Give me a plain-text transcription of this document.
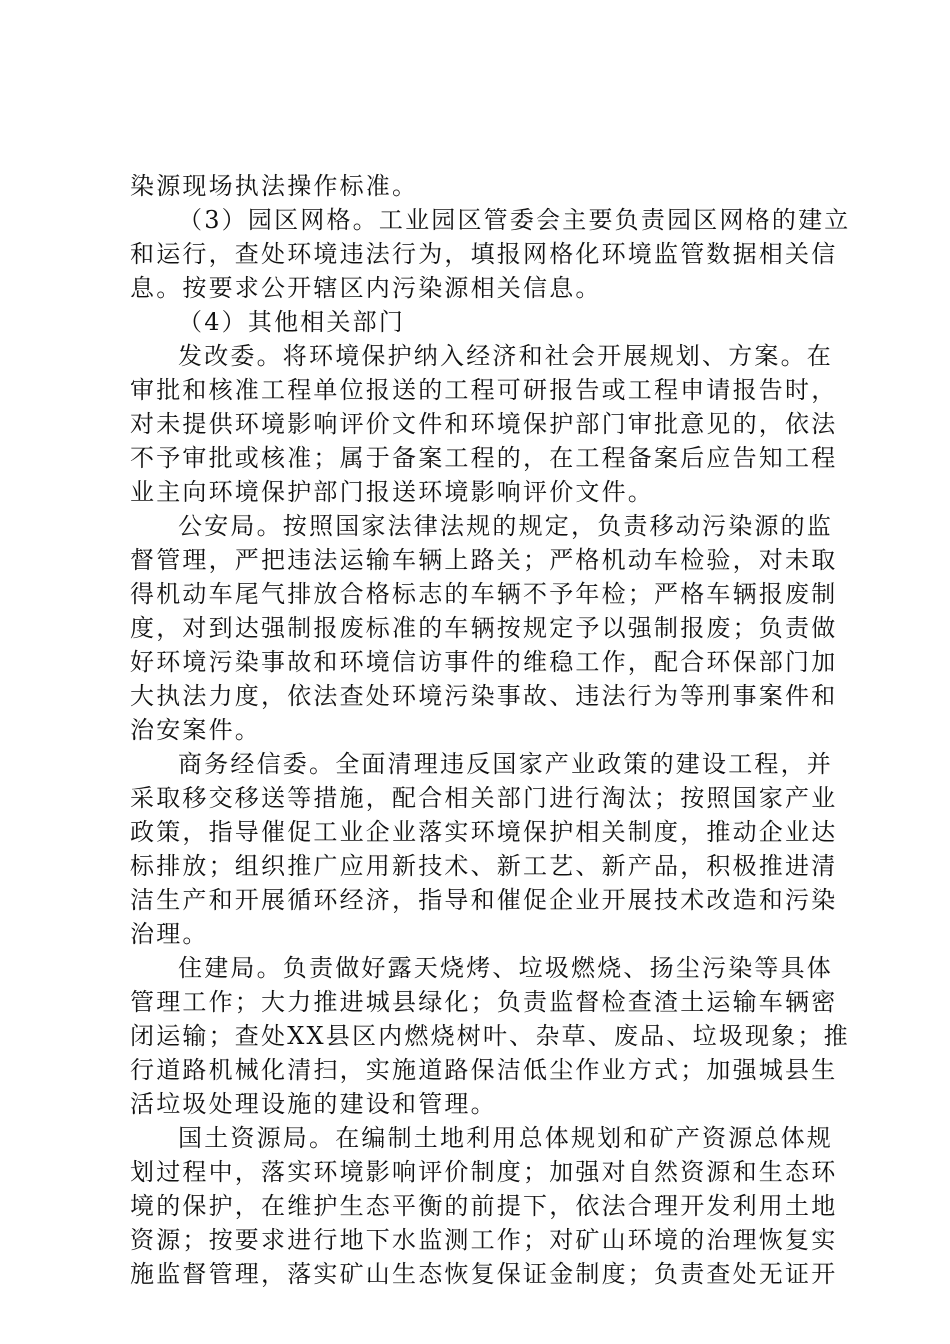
染源现场执法操作标准。
（3）园区网格。工业园区管委会主要负责园区网格的建立
和运行，查处环境违法行为，填报网格化环境监管数据相关信
息。按要求公开辖区内污染源相关信息。
（4）其他相关部门
发改委。将环境保护纳入经济和社会开展规划、方案。在
审批和核准工程单位报送的工程可研报告或工程申请报告时，
对未提供环境影响评价文件和环境保护部门审批意见的，依法
不予审批或核准；属于备案工程的，在工程备案后应告知工程
业主向环境保护部门报送环境影响评价文件。
公安局。按照国家法律法规的规定，负责移动污染源的监
督管理，严把违法运输车辆上路关；严格机动车检验，对未取
得机动车尾气排放合格标志的车辆不予年检；严格车辆报废制
度，对到达强制报废标准的车辆按规定予以强制报废；负责做
好环境污染事故和环境信访事件的维稳工作，配合环保部门加
大执法力度，依法查处环境污染事故、违法行为等刑事案件和
治安案件。
商务经信委。全面清理违反国家产业政策的建设工程，并
采取移交移送等措施，配合相关部门进行淘汰；按照国家产业
政策，指导催促工业企业落实环境保护相关制度，推动企业达
标排放；组织推广应用新技术、新工艺、新产品，积极推进清
洁生产和开展循环经济，指导和催促企业开展技术改造和污染
治理。
住建局。负责做好露天烧烤、垃圾燃烧、扬尘污染等具体
管理工作；大力推进城县绿化；负责监督检查渣土运输车辆密
闭运输；查处XX县区内燃烧树叶、杂草、废品、垃圾现象；推
行道路机械化清扫，实施道路保洁低尘作业方式；加强城县生
活垃圾处理设施的建设和管理。
国土资源局。在编制土地利用总体规划和矿产资源总体规
划过程中，落实环境影响评价制度；加强对自然资源和生态环
境的保护，在维护生态平衡的前提下，依法合理开发利用土地
资源；按要求进行地下水监测工作；对矿山环境的治理恢复实
施监督管理，落实矿山生态恢复保证金制度；负责查处无证开
